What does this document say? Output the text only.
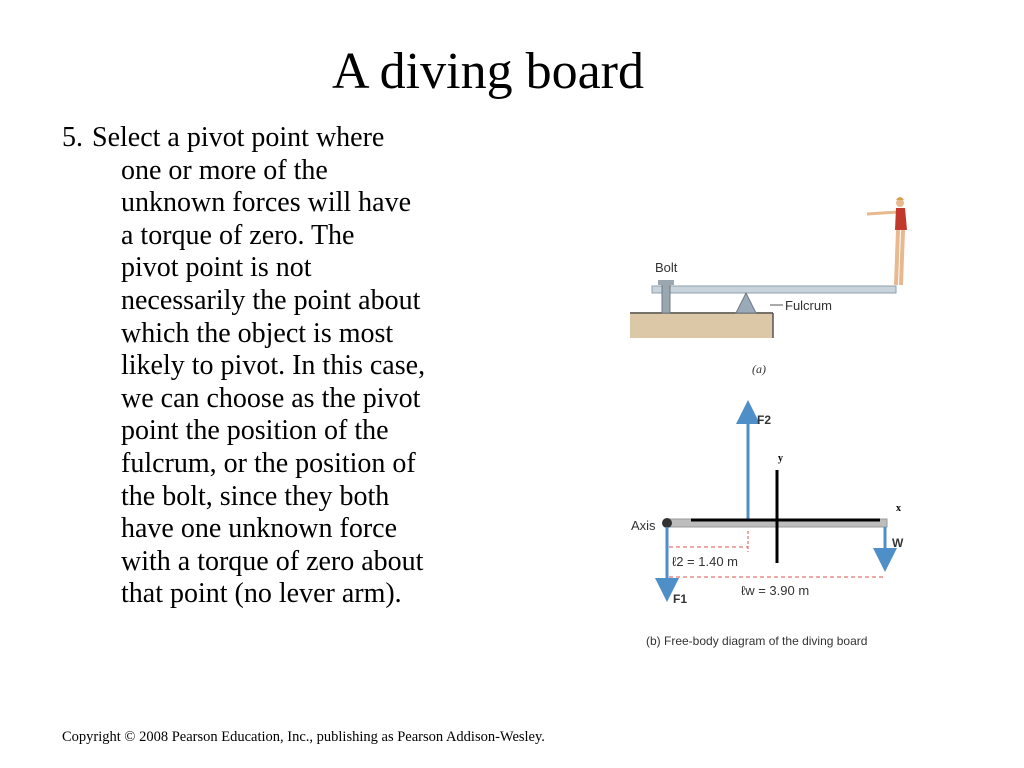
A diving board
5. Select a pivot point where
one or more of the
unknown forces will have
a torque of zero. The
pivot point is not
necessarily the point about
which the object is most
likely to pivot. In this case,
we can choose as the pivot
point the position of the
fulcrum, or the position of
the bolt, since they both
have one unknown force
with a torque of zero about
that point (no lever arm).
Bolt
Fulcrum
(a)
F2
F1
W
Axis
y
x
ℓ2 = 1.40 m
ℓw = 3.90 m
(b) Free-body diagram of the diving board
Copyright © 2008 Pearson Education, Inc., publishing as Pearson Addison-Wesley.
